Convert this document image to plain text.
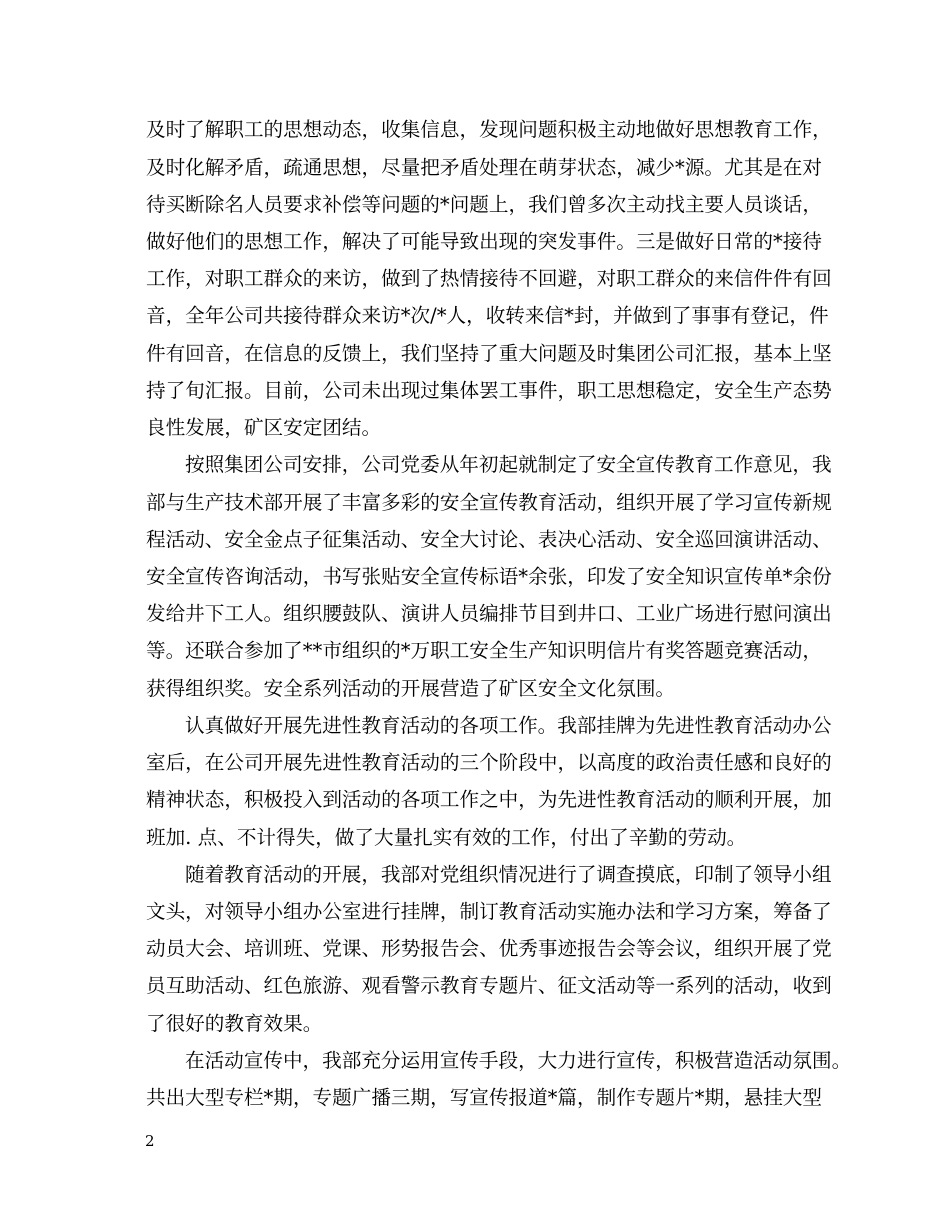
及时了解职工的思想动态，收集信息，发现问题积极主动地做好思想教育工作，
及时化解矛盾，疏通思想，尽量把矛盾处理在萌芽状态，减少*源。尤其是在对
待买断除名人员要求补偿等问题的*问题上，我们曾多次主动找主要人员谈话，
做好他们的思想工作，解决了可能导致出现的突发事件。三是做好日常的*接待
工作，对职工群众的来访，做到了热情接待不回避，对职工群众的来信件件有回
音，全年公司共接待群众来访*次/*人，收转来信*封，并做到了事事有登记，件
件有回音，在信息的反馈上，我们坚持了重大问题及时集团公司汇报，基本上坚
持了旬汇报。目前，公司未出现过集体罢工事件，职工思想稳定，安全生产态势
良性发展，矿区安定团结。
按照集团公司安排，公司党委从年初起就制定了安全宣传教育工作意见，我
部与生产技术部开展了丰富多彩的安全宣传教育活动，组织开展了学习宣传新规
程活动、安全金点子征集活动、安全大讨论、表决心活动、安全巡回演讲活动、
安全宣传咨询活动，书写张贴安全宣传标语*余张，印发了安全知识宣传单*余份
发给井下工人。组织腰鼓队、演讲人员编排节目到井口、工业广场进行慰问演出
等。还联合参加了**市组织的*万职工安全生产知识明信片有奖答题竞赛活动，
获得组织奖。安全系列活动的开展营造了矿区安全文化氛围。
认真做好开展先进性教育活动的各项工作。我部挂牌为先进性教育活动办公
室后，在公司开展先进性教育活动的三个阶段中，以高度的政治责任感和良好的
精神状态，积极投入到活动的各项工作之中，为先进性教育活动的顺利开展，加
班加. 点、不计得失，做了大量扎实有效的工作，付出了辛勤的劳动。
随着教育活动的开展，我部对党组织情况进行了调查摸底，印制了领导小组
文头，对领导小组办公室进行挂牌，制订教育活动实施办法和学习方案，筹备了
动员大会、培训班、党课、形势报告会、优秀事迹报告会等会议，组织开展了党
员互助活动、红色旅游、观看警示教育专题片、征文活动等一系列的活动，收到
了很好的教育效果。
在活动宣传中，我部充分运用宣传手段，大力进行宣传，积极营造活动氛围。
共出大型专栏*期，专题广播三期，写宣传报道*篇，制作专题片*期，悬挂大型
2
